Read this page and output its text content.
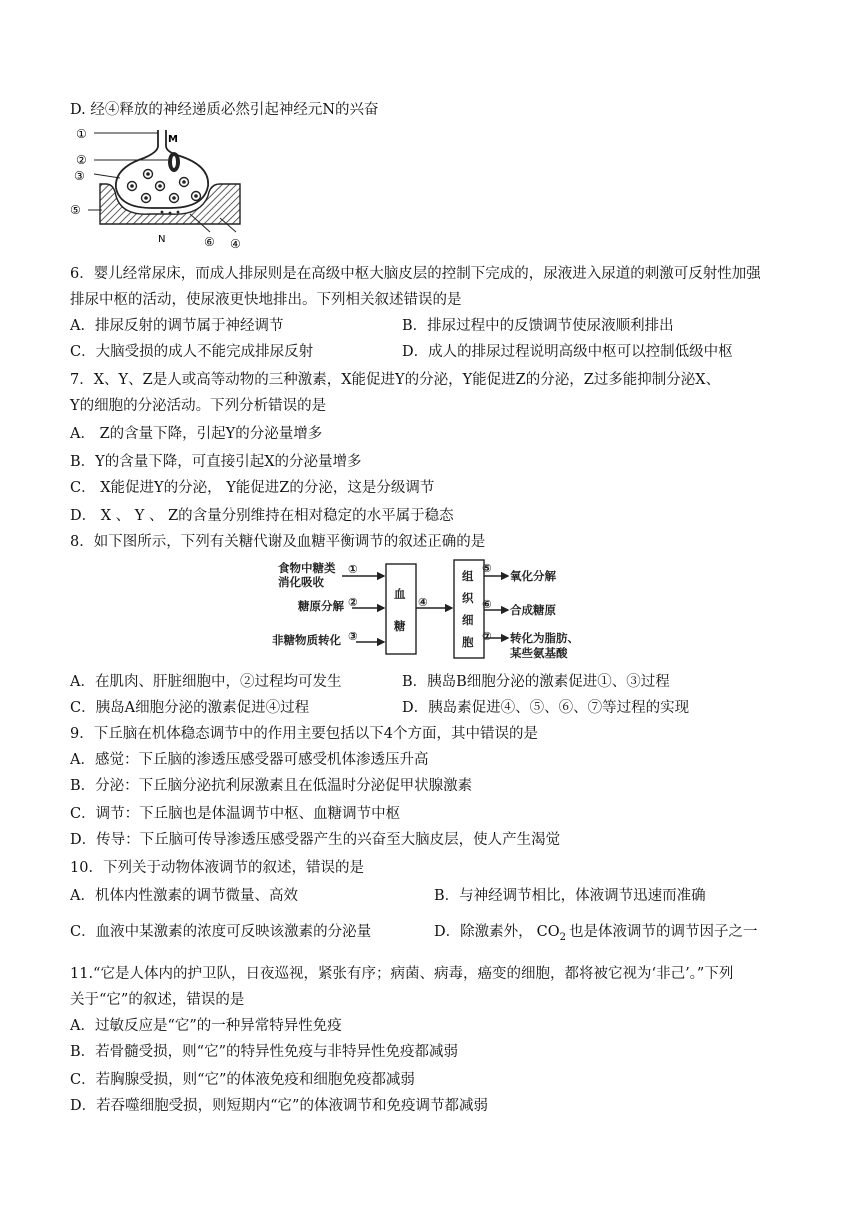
D. 经④释放的神经递质必然引起神经元N的兴奋
①
②
③
⑤
⑥ ④
M
N
6．婴儿经常尿床，而成人排尿则是在高级中枢大脑皮层的控制下完成的，尿液进入尿道的刺激可反射性加强
排尿中枢的活动，使尿液更快地排出。下列相关叙述错误的是
A．排尿反射的调节属于神经调节	B．排尿过程中的反馈调节使尿液顺利排出
C．大脑受损的成人不能完成排尿反射	D．成人的排尿过程说明高级中枢可以控制低级中枢
7．X、Y、Z是人或高等动物的三种激素，X能促进Y的分泌，Y能促进Z的分泌，Z过多能抑制分泌X、
Y的细胞的分泌活动。下列分析错误的是
A． Z的含量下降，引起Y的分泌量增多
B．Y的含量下降，可直接引起X的分泌量增多
C． X能促进Y的分泌， Y能促进Z的分泌，这是分级调节
D． X 、 Y 、 Z的含量分别维持在相对稳定的水平属于稳态
8．如下图所示，下列有关糖代谢及血糖平衡调节的叙述正确的是
食物中糖类
消化吸收
糖原分解
非糖物质转化
①
②
③
④
⑤
⑥
⑦
血
糖
组
织
细
胞
氧化分解
合成糖原
转化为脂肪、
某些氨基酸
A．在肌肉、肝脏细胞中，②过程均可发生	B．胰岛B细胞分泌的激素促进①、③过程
C．胰岛A细胞分泌的激素促进④过程	D．胰岛素促进④、⑤、⑥、⑦等过程的实现
9．下丘脑在机体稳态调节中的作用主要包括以下4个方面，其中错误的是
A．感觉：下丘脑的渗透压感受器可感受机体渗透压升高
B．分泌：下丘脑分泌抗利尿激素且在低温时分泌促甲状腺激素
C．调节：下丘脑也是体温调节中枢、血糖调节中枢
D．传导：下丘脑可传导渗透压感受器产生的兴奋至大脑皮层，使人产生渴觉
10．下列关于动物体液调节的叙述，错误的是
A．机体内性激素的调节微量、高效	B．与神经调节相比，体液调节迅速而准确
C．血液中某激素的浓度可反映该激素的分泌量	D．除激素外， $CO_2$ 也是体液调节的调节因子之一
11.“它是人体内的护卫队，日夜巡视，紧张有序；病菌、病毒，癌变的细胞，都将被它视为‘非己’。”下列
关于“它”的叙述，错误的是
A．过敏反应是“它”的一种异常特异性免疫
B．若骨髓受损，则“它”的特异性免疫与非特异性免疫都减弱
C．若胸腺受损，则“它”的体液免疫和细胞免疫都减弱
D．若吞噬细胞受损，则短期内“它”的体液调节和免疫调节都减弱
